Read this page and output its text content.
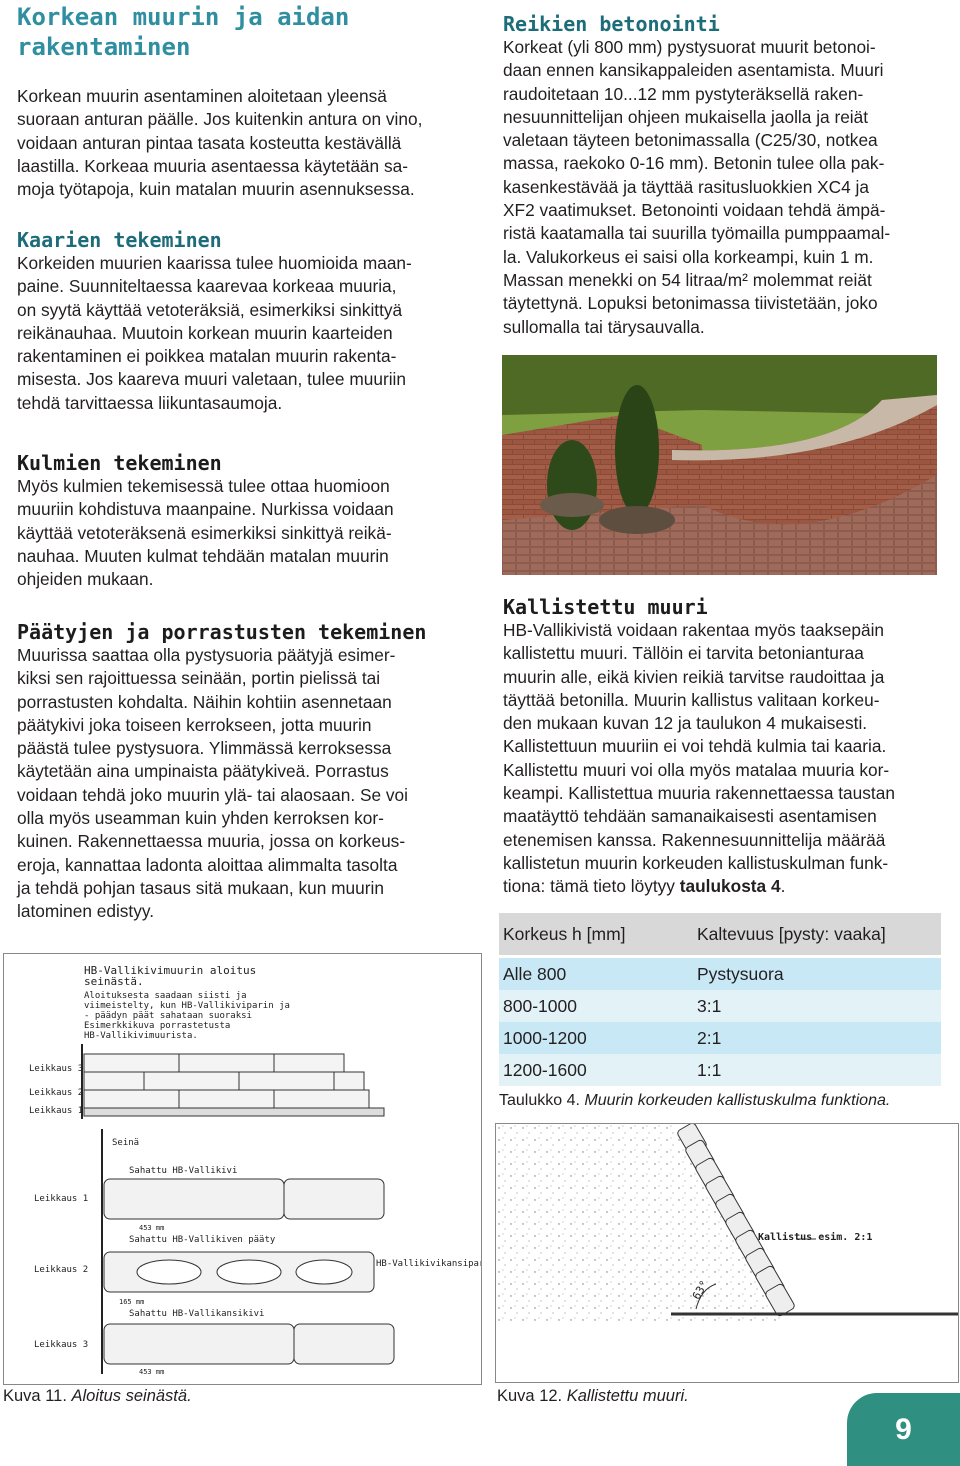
Korkean muurin ja aidan rakentaminen
Korkean muurin asentaminen aloitetaan yleensä
suoraan anturan päälle. Jos kuitenkin antura on vino,
voidaan anturan pintaa tasata kosteutta kestävällä
laastilla. Korkeaa muuria asentaessa käytetään sa-
moja työtapoja, kuin matalan muurin asennuksessa.
Kaarien tekeminen
Korkeiden muurien kaarissa tulee huomioida maan-
paine. Suunniteltaessa kaarevaa korkeaa muuria,
on syytä käyttää vetoteräksiä, esimerkiksi sinkittyä
reikänauhaa. Muutoin korkean muurin kaarteiden
rakentaminen ei poikkea matalan muurin rakenta-
misesta. Jos kaareva muuri valetaan, tulee muuriin
tehdä tarvittaessa liikuntasaumoja.
Kulmien tekeminen
Myös kulmien tekemisessä tulee ottaa huomioon
muuriin kohdistuva maanpaine. Nurkissa voidaan
käyttää vetoteräksenä esimerkiksi sinkittyä reikä-
nauhaa. Muuten kulmat tehdään matalan muurin
ohjeiden mukaan.
Päätyjen ja porrastusten tekeminen
Muurissa saattaa olla pystysuoria päätyjä esimer-
kiksi sen rajoittuessa seinään, portin pielissä tai
porrastusten kohdalta. Näihin kohtiin asennetaan
päätykivi joka toiseen kerrokseen, jotta muurin
päästä tulee pystysuora. Ylimmässä kerroksessa
käytetään aina umpinaista päätykiveä. Porrastus
voidaan tehdä joko muurin ylä- tai alaosaan. Se voi
olla myös useamman kuin yhden kerroksen kor-
kuinen. Rakennettaessa muuria, jossa on korkeus-
eroja, kannattaa ladonta aloittaa alimmalta tasolta
ja tehdä pohjan tasaus sitä mukaan, kun muurin
latominen edistyy.
HB-Vallikivimuurin aloitus
seinästä.
Aloituksesta saadaan siisti ja
viimeistelty, kun HB-Vallikiviparin ja
- päädyn päät sahataan suoraksi
Esimerkkikuva porrastetusta
HB-Vallikivimuurista.
Leikkaus 3
Leikkaus 2
Leikkaus 1
Seinä
Sahattu HB-Vallikivi
Leikkaus 1
453 mm
Sahattu HB-Vallikiven pääty
Leikkaus 2
HB-Vallikivikansipari
165 mm
Sahattu HB-Vallikansikivi
Leikkaus 3
453 mm
Kuva 11. Aloitus seinästä.
Reikien betonointi
Korkeat (yli 800 mm) pystysuorat muurit betonoi-
daan ennen kansikappaleiden asentamista. Muuri
raudoitetaan 10...12 mm pystyteräksellä raken-
nesuunnittelijan ohjeen mukaisella jaolla ja reiät
valetaan täyteen betonimassalla (C25/30, notkea
massa, raekoko 0-16 mm). Betonin tulee olla pak-
kasenkestävää ja täyttää rasitusluokkien XC4 ja
XF2 vaatimukset. Betonointi voidaan tehdä ämpä-
ristä kaatamalla tai suurilla työmailla pumppaamal-
la. Valukorkeus ei saisi olla korkeampi, kuin 1 m.
Massan menekki on 54 litraa/m² molemmat reiät
täytettynä. Lopuksi betonimassa tiivistetään, joko
sullomalla tai tärysauvalla.
Kallistettu muuri
HB-Vallikivistä voidaan rakentaa myös taaksepäin
kallistettu muuri. Tällöin ei tarvita betonianturaa
muurin alle, eikä kivien reikiä tarvitse raudoittaa ja
täyttää betonilla. Muurin kallistus valitaan korkeu-
den mukaan kuvan 12 ja taulukon 4 mukaisesti.
Kallistettuun muuriin ei voi tehdä kulmia tai kaaria.
Kallistettu muuri voi olla myös matalaa muuria kor-
keampi. Kallistettua muuria rakennettaessa taustan
maatäyttö tehdään samanaikaisesti asentamisen
etenemisen kanssa. Rakennesuunnittelija määrää
kallistetun muurin korkeuden kallistuskulman funk-
tiona: tämä tieto löytyy taulukosta 4.
Korkeus h [mm]	Kaltevuus [pysty: vaaka]
Alle 800	Pystysuora
800-1000	3:1
1000-1200	2:1
1200-1600	1:1
Taulukko 4. Muurin korkeuden kallistuskulma funktiona.
63°
Kallistus esim. 2:1
Kuva 12. Kallistettu muuri.
9
